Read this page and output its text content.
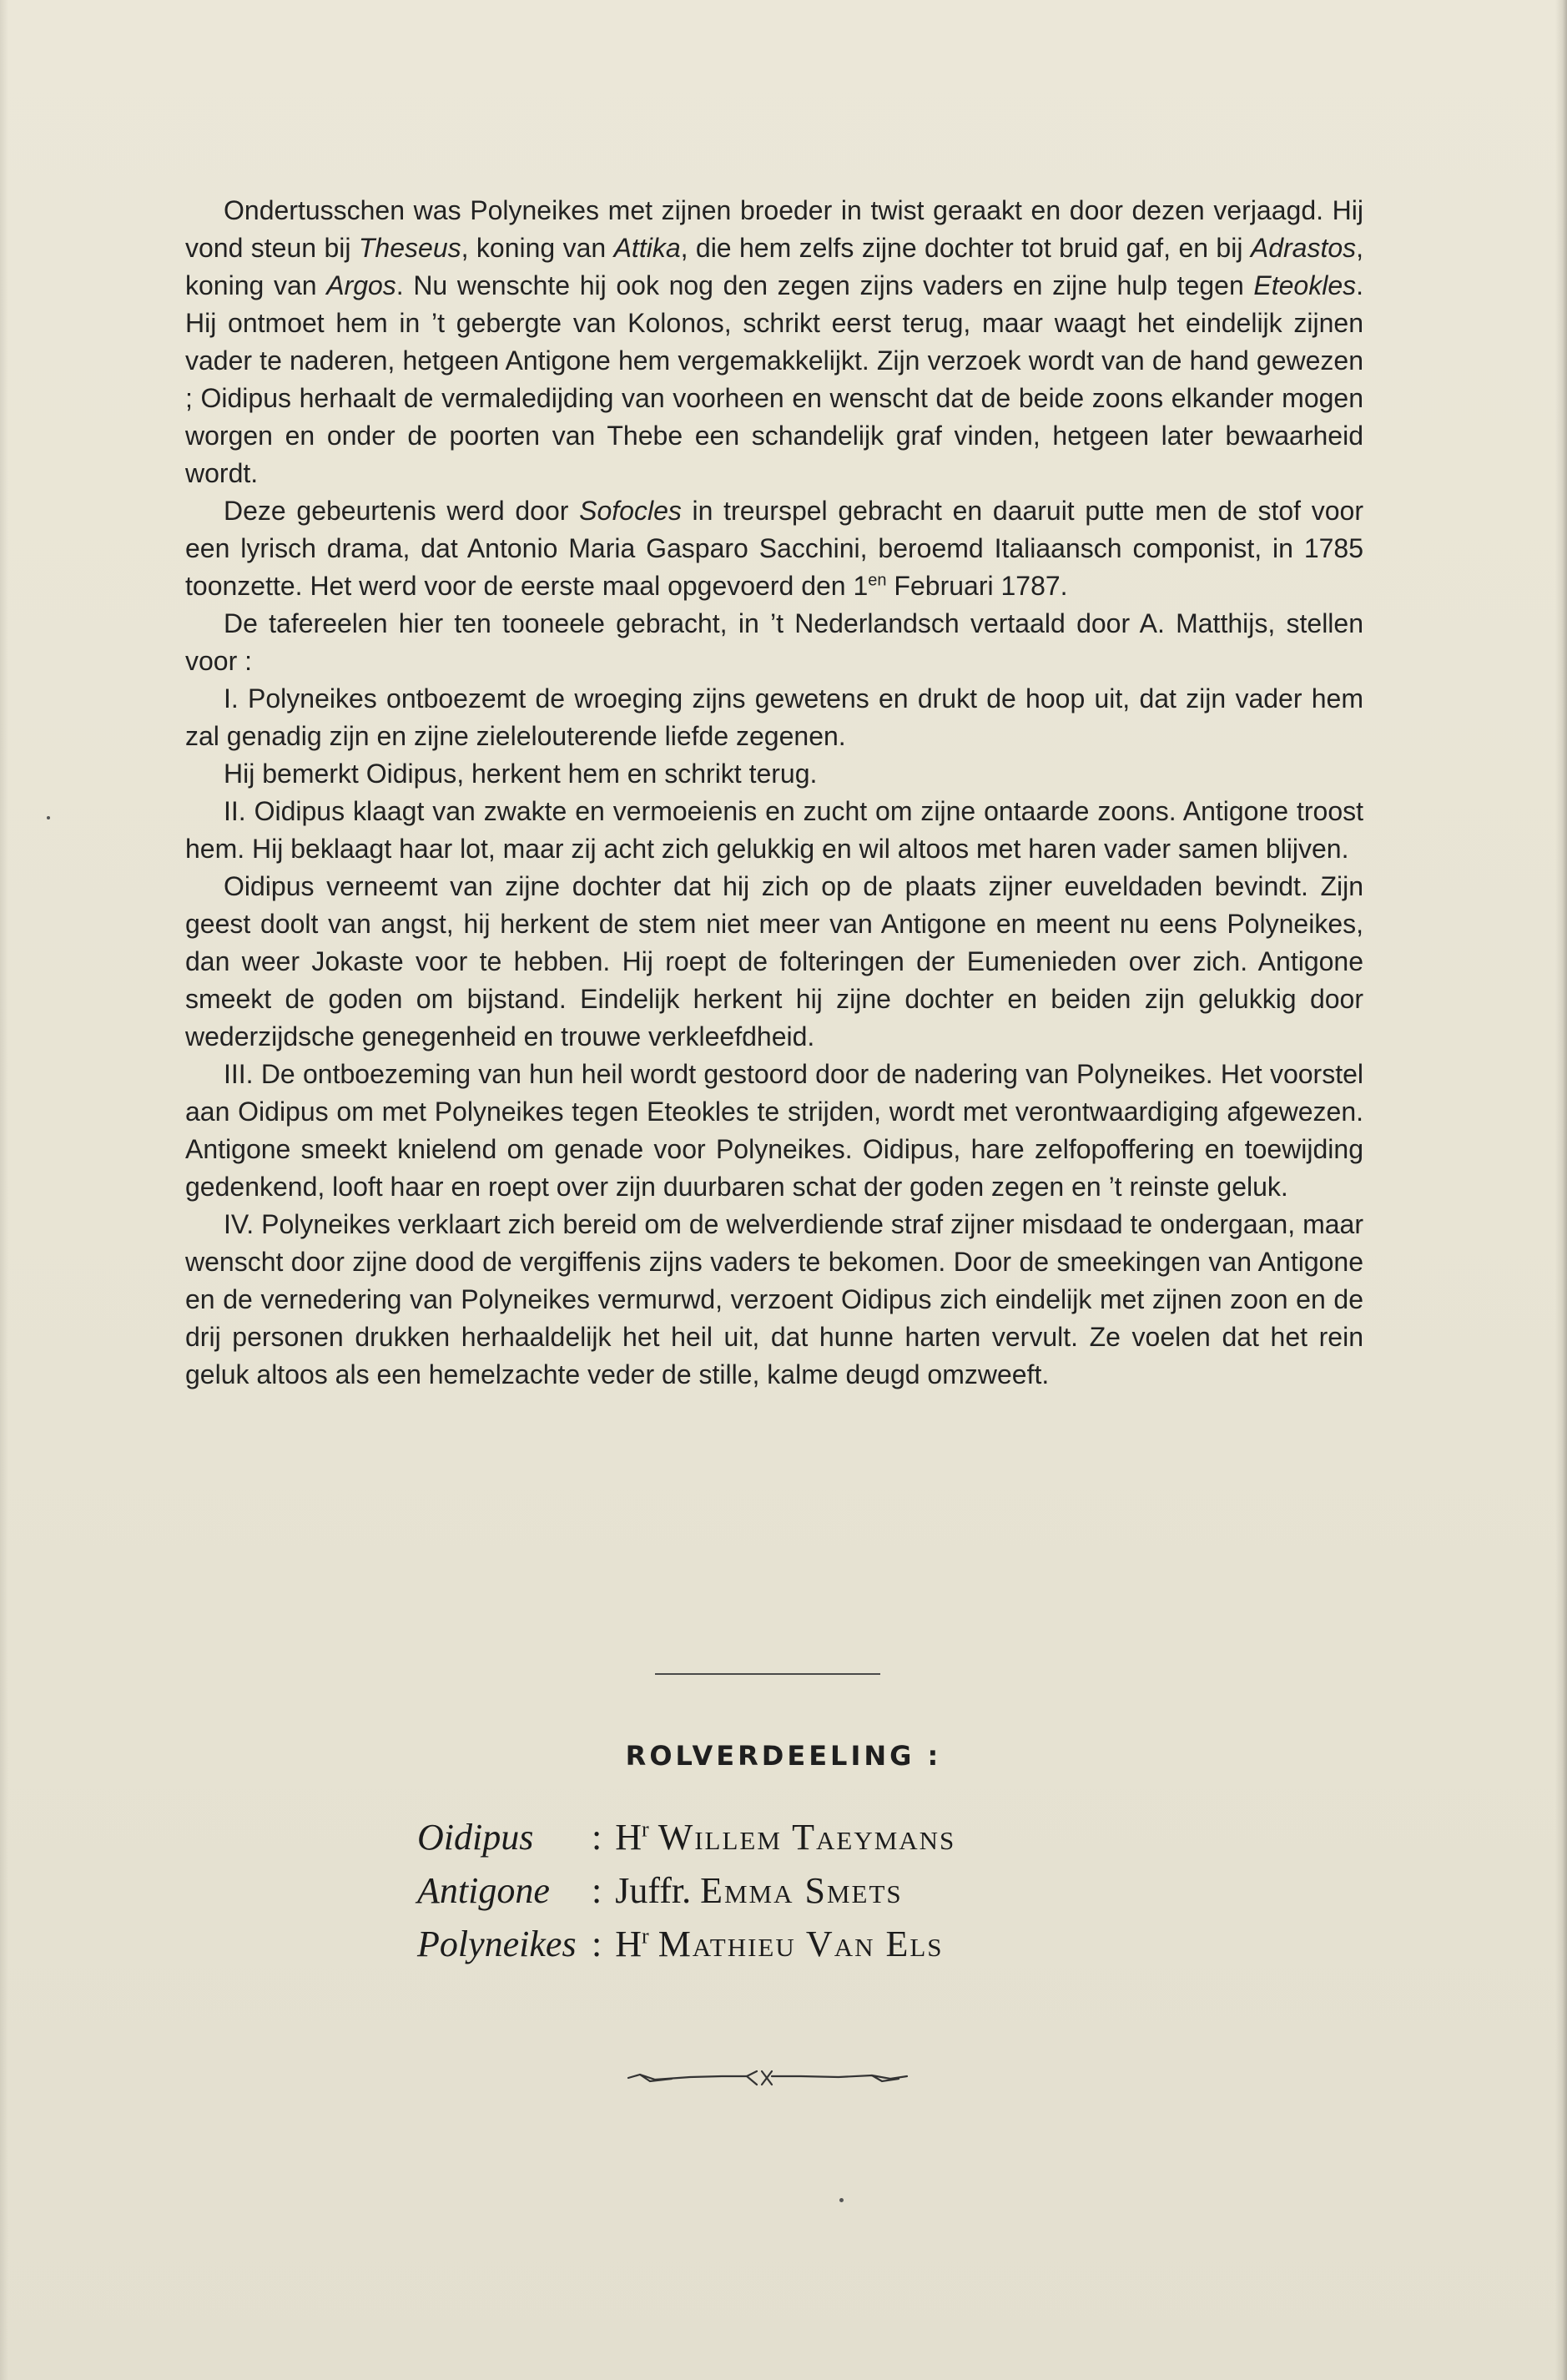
Ondertusschen was Polyneikes met zijnen broeder in twist geraakt en door dezen verjaagd. Hij vond steun bij Theseus, koning van Attika, die hem zelfs zijne dochter tot bruid gaf, en bij Adrastos, koning van Argos. Nu wenschte hij ook nog den zegen zijns vaders en zijne hulp tegen Eteokles. Hij ontmoet hem in ’t gebergte van Kolonos, schrikt eerst terug, maar waagt het eindelijk zijnen vader te naderen, hetgeen Antigone hem vergemakkelijkt. Zijn verzoek wordt van de hand gewezen ; Oidipus herhaalt de vermaledijding van voorheen en wenscht dat de beide zoons elkander mogen worgen en onder de poorten van Thebe een schandelijk graf vinden, hetgeen later bewaarheid wordt.

Deze gebeurtenis werd door Sofocles in treurspel gebracht en daaruit putte men de stof voor een lyrisch drama, dat Antonio Maria Gasparo Sacchini, beroemd Italiaansch componist, in 1785 toonzette. Het werd voor de eerste maal opgevoerd den $1^{en}$ Februari 1787.

De tafereelen hier ten tooneele gebracht, in ’t Nederlandsch vertaald door A. Matthijs, stellen voor :

I. Polyneikes ontboezemt de wroeging zijns gewetens en drukt de hoop uit, dat zijn vader hem zal genadig zijn en zijne zielelouterende liefde zegenen.

Hij bemerkt Oidipus, herkent hem en schrikt terug.

II. Oidipus klaagt van zwakte en vermoeienis en zucht om zijne ontaarde zoons. Antigone troost hem. Hij beklaagt haar lot, maar zij acht zich gelukkig en wil altoos met haren vader samen blijven.

Oidipus verneemt van zijne dochter dat hij zich op de plaats zijner euveldaden bevindt. Zijn geest doolt van angst, hij herkent de stem niet meer van Antigone en meent nu eens Polyneikes, dan weer Jokaste voor te hebben. Hij roept de folteringen der Eumenieden over zich. Antigone smeekt de goden om bijstand. Eindelijk herkent hij zijne dochter en beiden zijn gelukkig door wederzijdsche genegenheid en trouwe verkleefdheid.

III. De ontboezeming van hun heil wordt gestoord door de nadering van Polyneikes. Het voorstel aan Oidipus om met Polyneikes tegen Eteokles te strijden, wordt met verontwaardiging afgewezen. Antigone smeekt knielend om genade voor Polyneikes. Oidipus, hare zelfopoffering en toewijding gedenkend, looft haar en roept over zijn duurbaren schat der goden zegen en ’t reinste geluk.

IV. Polyneikes verklaart zich bereid om de welverdiende straf zijner misdaad te ondergaan, maar wenscht door zijne dood de vergiffenis zijns vaders te bekomen. Door de smeekingen van Antigone en de vernedering van Polyneikes vermurwd, verzoent Oidipus zich eindelijk met zijnen zoon en de drij personen drukken herhaaldelijk het heil uit, dat hunne harten vervult. Ze voelen dat het rein geluk altoos als een hemelzachte veder de stille, kalme deugd omzweeft.

ROLVERDEELING :
Oidipus	: $H^r$ Willem Taeymans
Antigone	: Juffr. Emma Smets
Polyneikes : $H^r$ Mathieu Van Els
